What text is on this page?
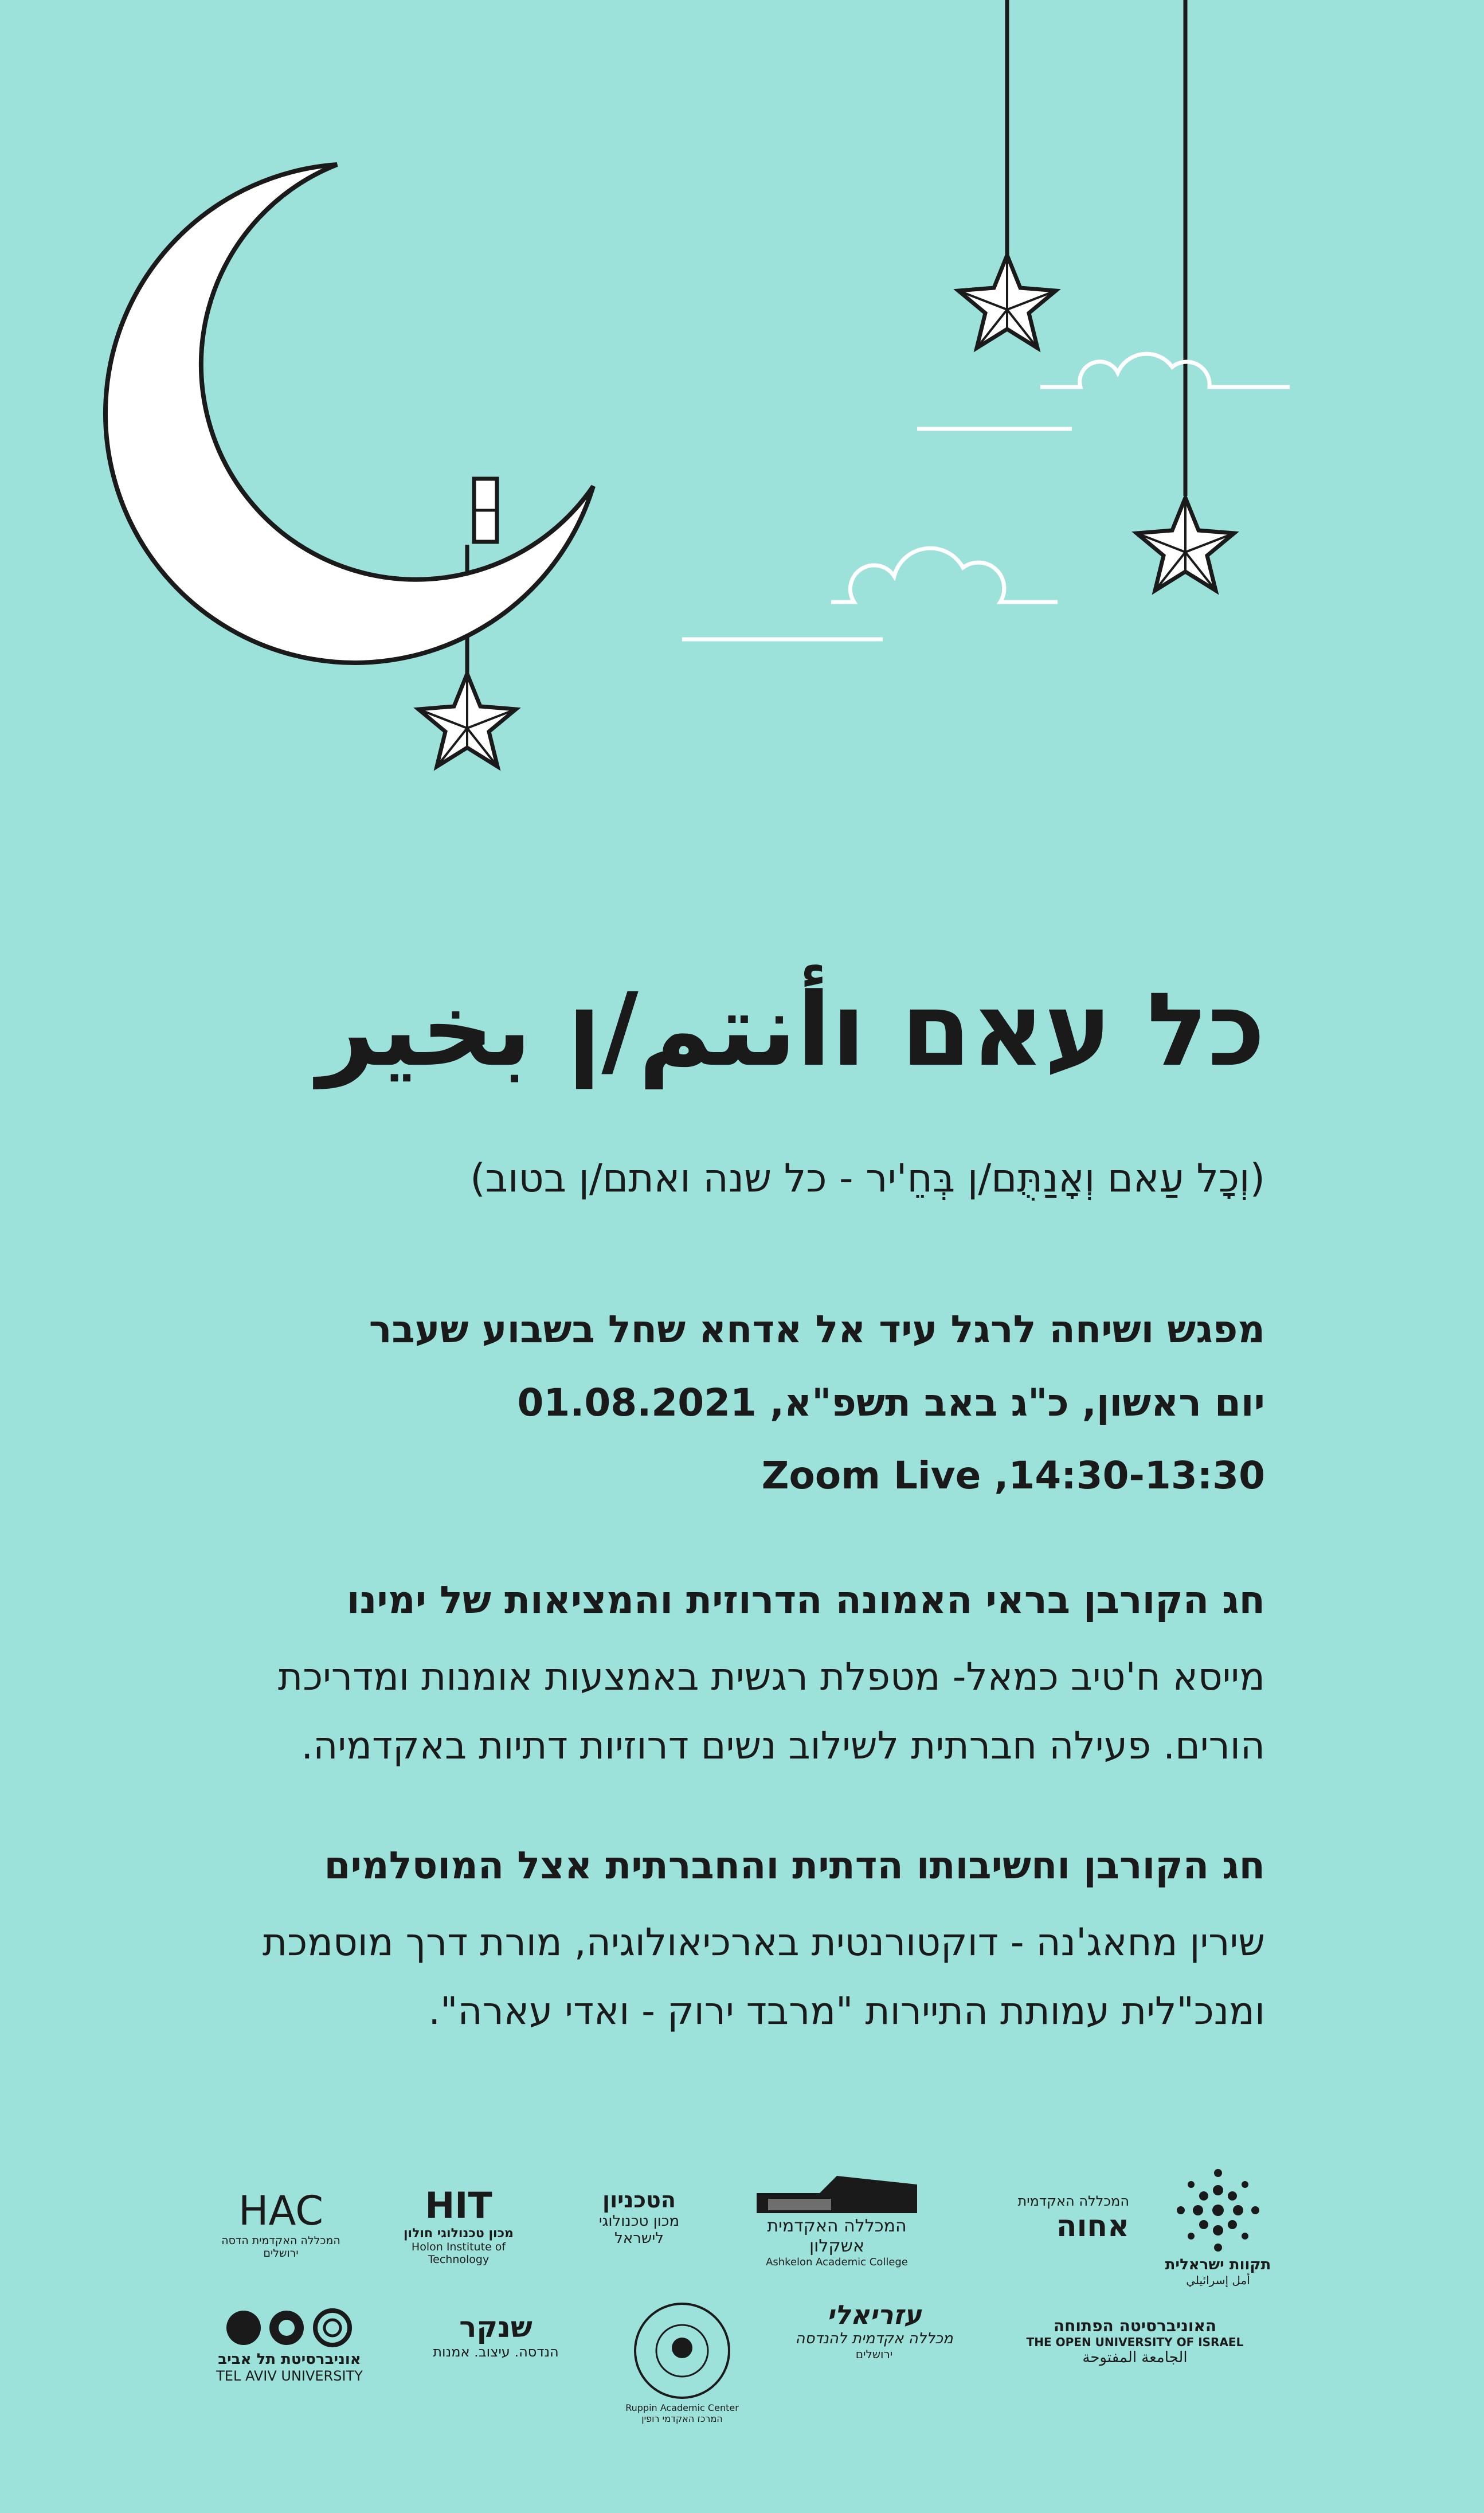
כל עאם וأنتم/ן بخير
(וְכָל עַאם וְאָנַתֻּם/ן בְּחֵ'יר - כל שנה ואתם/ן בטוב)
מפגש ושיחה לרגל עיד אל אדחא שחל בשבוע שעבר
יום ראשון, כ"ג באב תשפ"א, 01.08.2021
Zoom Live ,14:30-13:30
חג הקורבן בראי האמונה הדרוזית והמציאות של ימינו
מייסא ח'טיב כמאל- מטפלת רגשית באמצעות אומנות ומדריכת הורים. פעילה חברתית לשילוב נשים דרוזיות דתיות באקדמיה.
חג הקורבן וחשיבותו הדתית והחברתית אצל המוסלמים
שירין מחאג'נה - דוקטורנטית בארכיאולוגיה, מורת דרך מוסמכת ומנכ"לית עמותת התיירות "מרבד ירוק - ואדי עארה".
HAC
המכללה האקדמית הדסה ירושלים
HIT
מכון טכנולוגי חולון
Holon Institute of Technology
הטכניון
מכון טכנולוגי
לישראל
המכללה האקדמית אשקלון
Ashkelon Academic College
המכללה האקדמית
אחוה
תקוות ישראלית
أمل إسرائيلي
אוניברסיטת תל אביב
TEL AVIV UNIVERSITY
שנקר
הנדסה. עיצוב. אמנות
Ruppin Academic Center
המרכז האקדמי רופין
עזריאלי
מכללה אקדמית להנדסה
ירושלים
האוניברסיטה הפתוחה
THE OPEN UNIVERSITY OF ISRAEL
الجامعة المفتوحة
